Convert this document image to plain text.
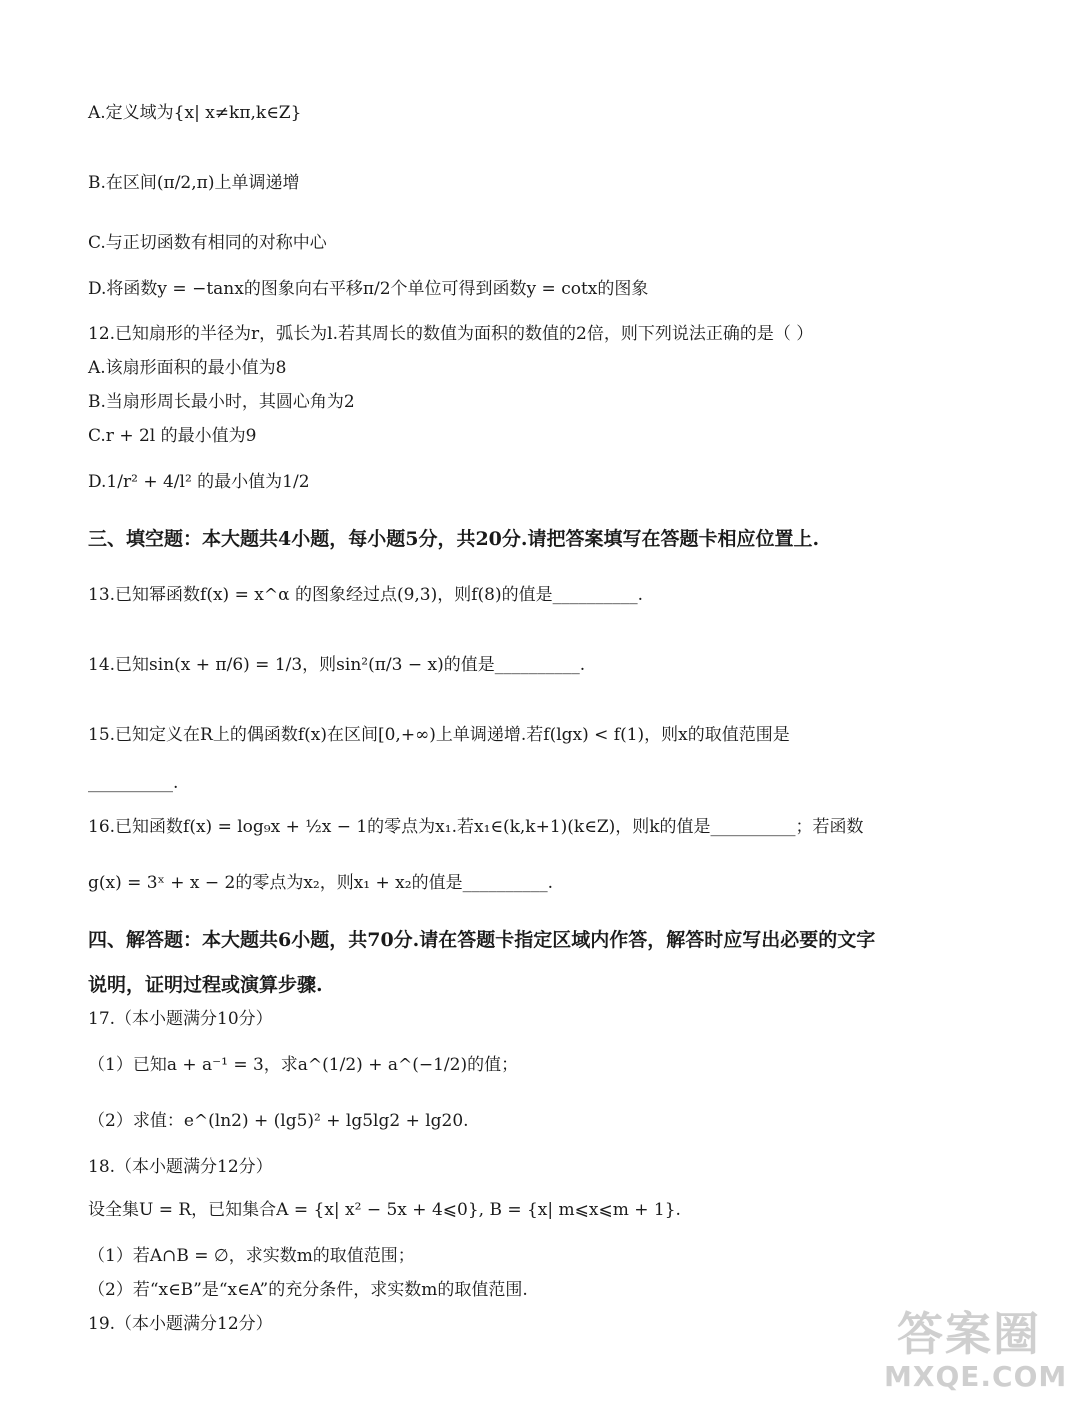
A.定义域为{x| x≠kπ,k∈Z}
B.在区间(π/2,π)上单调递增
C.与正切函数有相同的对称中心
D.将函数y = −tanx的图象向右平移π/2个单位可得到函数y = cotx的图象
12.已知扇形的半径为r，弧长为l.若其周长的数值为面积的数值的2倍，则下列说法正确的是（ ）
A.该扇形面积的最小值为8
B.当扇形周长最小时，其圆心角为2
C.r + 2l 的最小值为9
D.1/r² + 4/l² 的最小值为1/2
三、填空题：本大题共4小题，每小题5分，共20分.请把答案填写在答题卡相应位置上.
13.已知幂函数f(x) = x^α 的图象经过点(9,3)，则f(8)的值是__________.
14.已知sin(x + π/6) = 1/3，则sin²(π/3 − x)的值是__________.
15.已知定义在R上的偶函数f(x)在区间[0,+∞)上单调递增.若f(lgx) < f(1)，则x的取值范围是
__________.
16.已知函数f(x) = log₉x + ½x − 1的零点为x₁.若x₁∈(k,k+1)(k∈Z)，则k的值是__________；若函数
g(x) = 3ˣ + x − 2的零点为x₂，则x₁ + x₂的值是__________.
四、解答题：本大题共6小题，共70分.请在答题卡指定区域内作答，解答时应写出必要的文字
说明，证明过程或演算步骤.
17.（本小题满分10分）
（1）已知a + a⁻¹ = 3，求a^(1/2) + a^(−1/2)的值；
（2）求值：e^(ln2) + (lg5)² + lg5lg2 + lg20.
18.（本小题满分12分）
设全集U = R，已知集合A = {x| x² − 5x + 4⩽0}, B = {x| m⩽x⩽m + 1}.
（1）若A∩B = ∅，求实数m的取值范围；
（2）若“x∈B”是“x∈A”的充分条件，求实数m的取值范围.
19.（本小题满分12分）	答案圈
MXQE.COM
